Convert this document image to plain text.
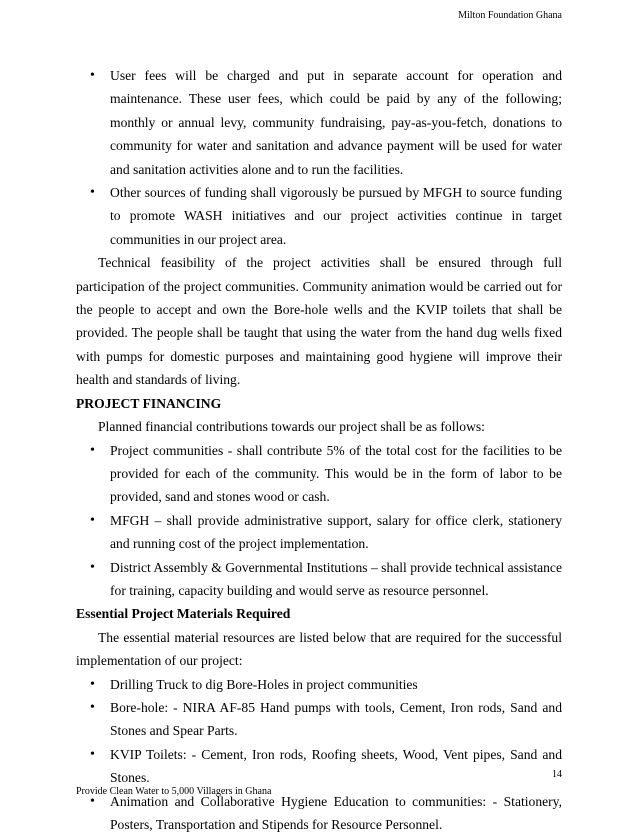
Milton Foundation Ghana
• User fees will be charged and put in separate account for operation and maintenance. These user fees, which could be paid by any of the following; monthly or annual levy, community fundraising, pay-as-you-fetch, donations to community for water and sanitation and advance payment will be used for water and sanitation activities alone and to run the facilities.
• Other sources of funding shall vigorously be pursued by MFGH to source funding to promote WASH initiatives and our project activities continue in target communities in our project area.

Technical feasibility of the project activities shall be ensured through full participation of the project communities. Community animation would be carried out for the people to accept and own the Bore-hole wells and the KVIP toilets that shall be provided. The people shall be taught that using the water from the hand dug wells fixed with pumps for domestic purposes and maintaining good hygiene will improve their health and standards of living.

PROJECT FINANCING

Planned financial contributions towards our project shall be as follows:

• Project communities - shall contribute 5% of the total cost for the facilities to be provided for each of the community. This would be in the form of labor to be provided, sand and stones wood or cash.
• MFGH – shall provide administrative support, salary for office clerk, stationery and running cost of the project implementation.
• District Assembly & Governmental Institutions – shall provide technical assistance for training, capacity building and would serve as resource personnel.

Essential Project Materials Required

The essential material resources are listed below that are required for the successful implementation of our project:

• Drilling Truck to dig Bore-Holes in project communities
• Bore-hole: - NIRA AF-85 Hand pumps with tools, Cement, Iron rods, Sand and Stones and Spear Parts.
• KVIP Toilets: - Cement, Iron rods, Roofing sheets, Wood, Vent pipes, Sand and Stones.
• Animation and Collaborative Hygiene Education to communities: - Stationery, Posters, Transportation and Stipends for Resource Personnel.
14
Provide Clean Water to 5,000 Villagers in Ghana
